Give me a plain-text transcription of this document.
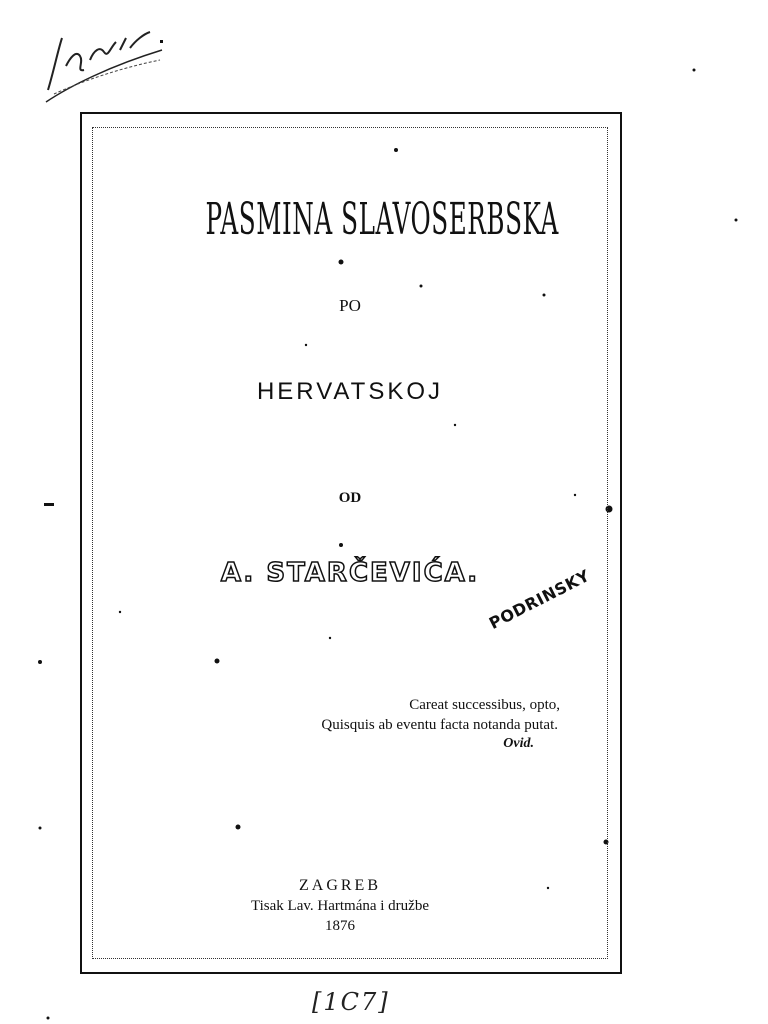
PASMINA SLAVOSERBSKA
PO
HERVATSKOJ
OD
A. STARČEVIĆA. PODRINSKY
Careat successibus, opto,
Quisquis ab eventu facta notanda putat.
Ovid.
ZAGREB
Tisak Lav. Hartmána i družbe
1876
[1C7]
